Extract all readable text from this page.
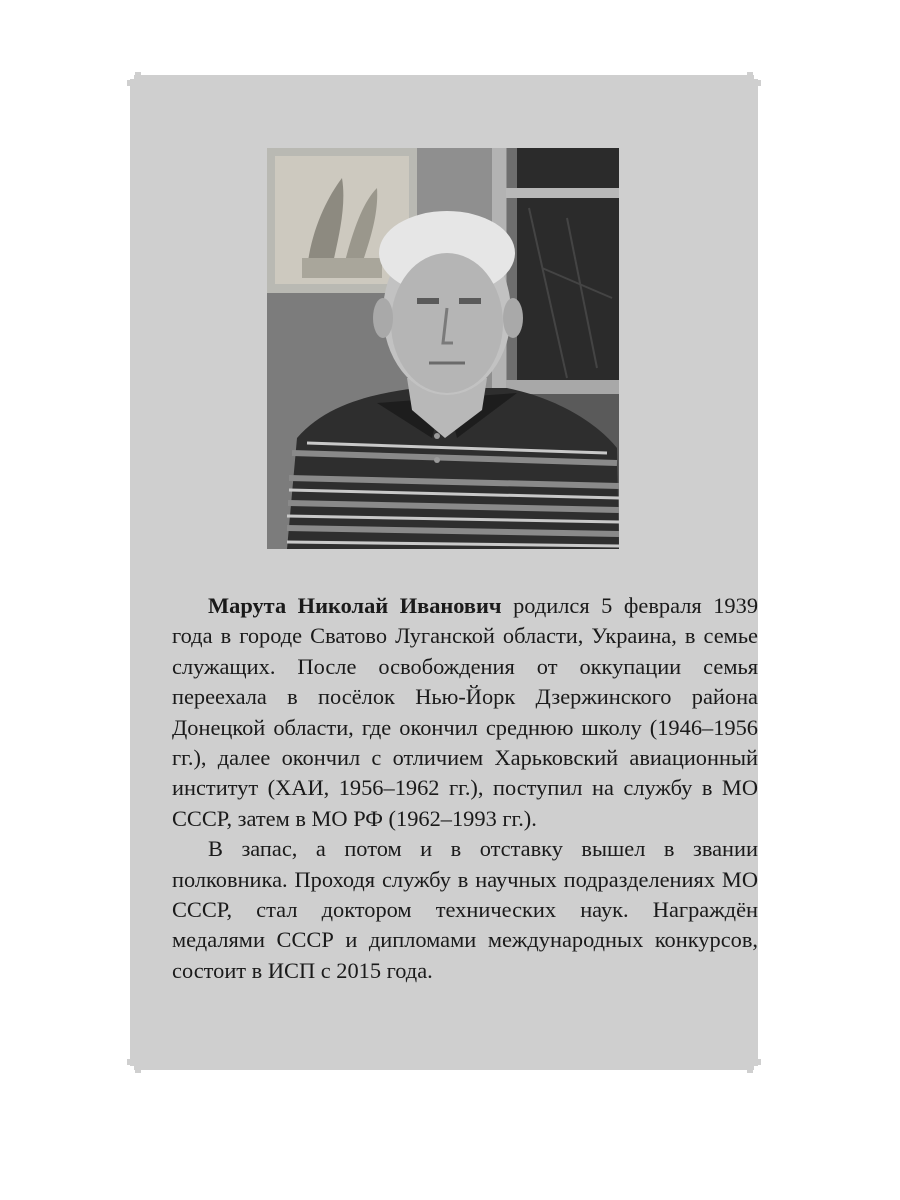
Марута Николай Иванович родился 5 февраля 1939 года в городе Сватово Луганской области, Украина, в семье служащих. После освобождения от оккупации семья переехала в посёлок Нью-Йорк Дзержинского района Донецкой области, где окончил среднюю школу (1946–1956 гг.), далее окончил с отличием Харьковский авиационный институт (ХАИ, 1956–1962 гг.), поступил на службу в МО СССР, затем в МО РФ (1962–1993 гг.).

В запас, а потом и в отставку вышел в звании полковника. Проходя службу в научных подразделениях МО СССР, стал доктором технических наук. Награждён медалями СССР и дипломами международных конкурсов, состоит в ИСП с 2015 года.
